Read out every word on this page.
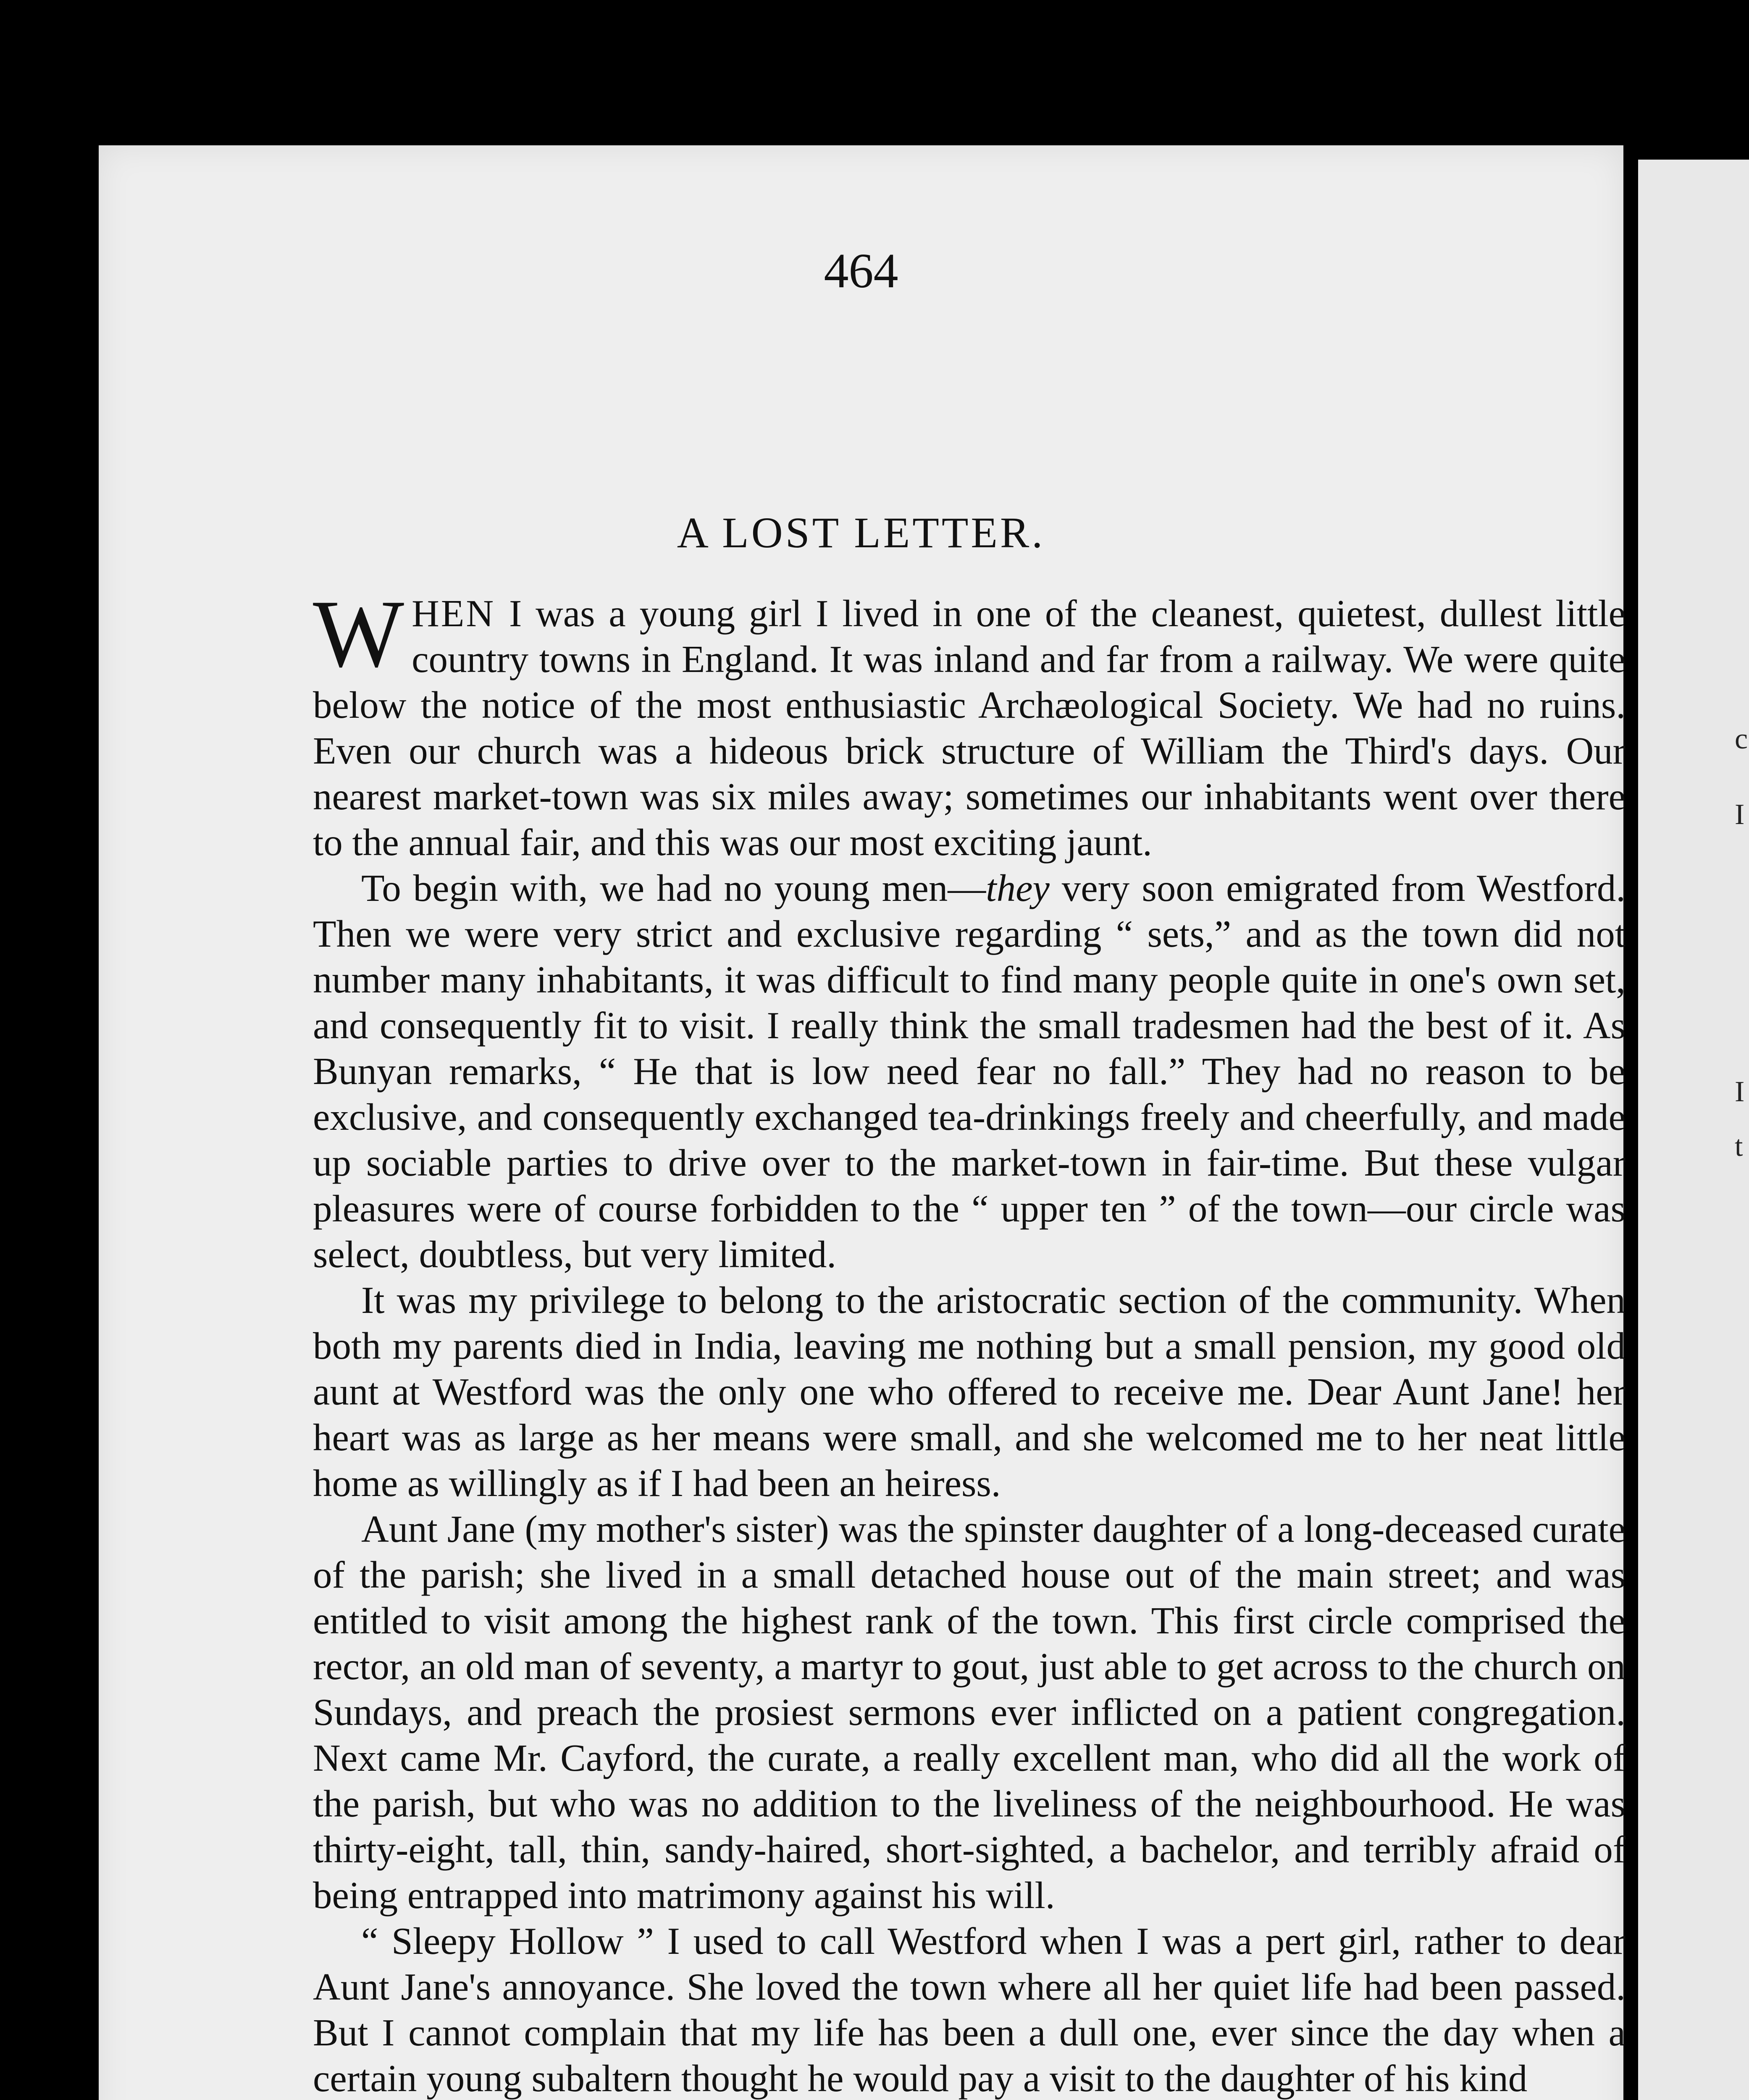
c
I
I
t
464
A LOST LETTER.

WHEN I was a young girl I lived in one of the cleanest, quietest, dullest little country towns in England. It was inland and far from a railway. We were quite below the notice of the most enthusiastic Archæological Society. We had no ruins. Even our church was a hideous brick structure of William the Third's days. Our nearest market-town was six miles away; sometimes our inhabitants went over there to the annual fair, and this was our most exciting jaunt.

To begin with, we had no young men—they very soon emigrated from Westford. Then we were very strict and exclusive regarding “ sets,” and as the town did not number many inhabitants, it was difficult to find many people quite in one's own set, and consequently fit to visit. I really think the small tradesmen had the best of it. As Bunyan remarks, “ He that is low need fear no fall.” They had no reason to be exclusive, and consequently exchanged tea-drinkings freely and cheerfully, and made up sociable parties to drive over to the market-town in fair-time. But these vulgar pleasures were of course forbidden to the “ upper ten ” of the town—our circle was select, doubtless, but very limited.

It was my privilege to belong to the aristocratic section of the community. When both my parents died in India, leaving me nothing but a small pension, my good old aunt at Westford was the only one who offered to receive me. Dear Aunt Jane! her heart was as large as her means were small, and she welcomed me to her neat little home as willingly as if I had been an heiress.

Aunt Jane (my mother's sister) was the spinster daughter of a long-deceased curate of the parish; she lived in a small detached house out of the main street; and was entitled to visit among the highest rank of the town. This first circle comprised the rector, an old man of seventy, a martyr to gout, just able to get across to the church on Sundays, and preach the prosiest sermons ever inflicted on a patient congregation. Next came Mr. Cayford, the curate, a really excellent man, who did all the work of the parish, but who was no addition to the liveliness of the neighbourhood. He was thirty-eight, tall, thin, sandy-haired, short-sighted, a bachelor, and terribly afraid of being entrapped into matrimony against his will.

“ Sleepy Hollow ” I used to call Westford when I was a pert girl, rather to dear Aunt Jane's annoyance. She loved the town where all her quiet life had been passed. But I cannot complain that my life has been a dull one, ever since the day when a certain young subaltern thought he would pay a visit to the daughter of his kind
